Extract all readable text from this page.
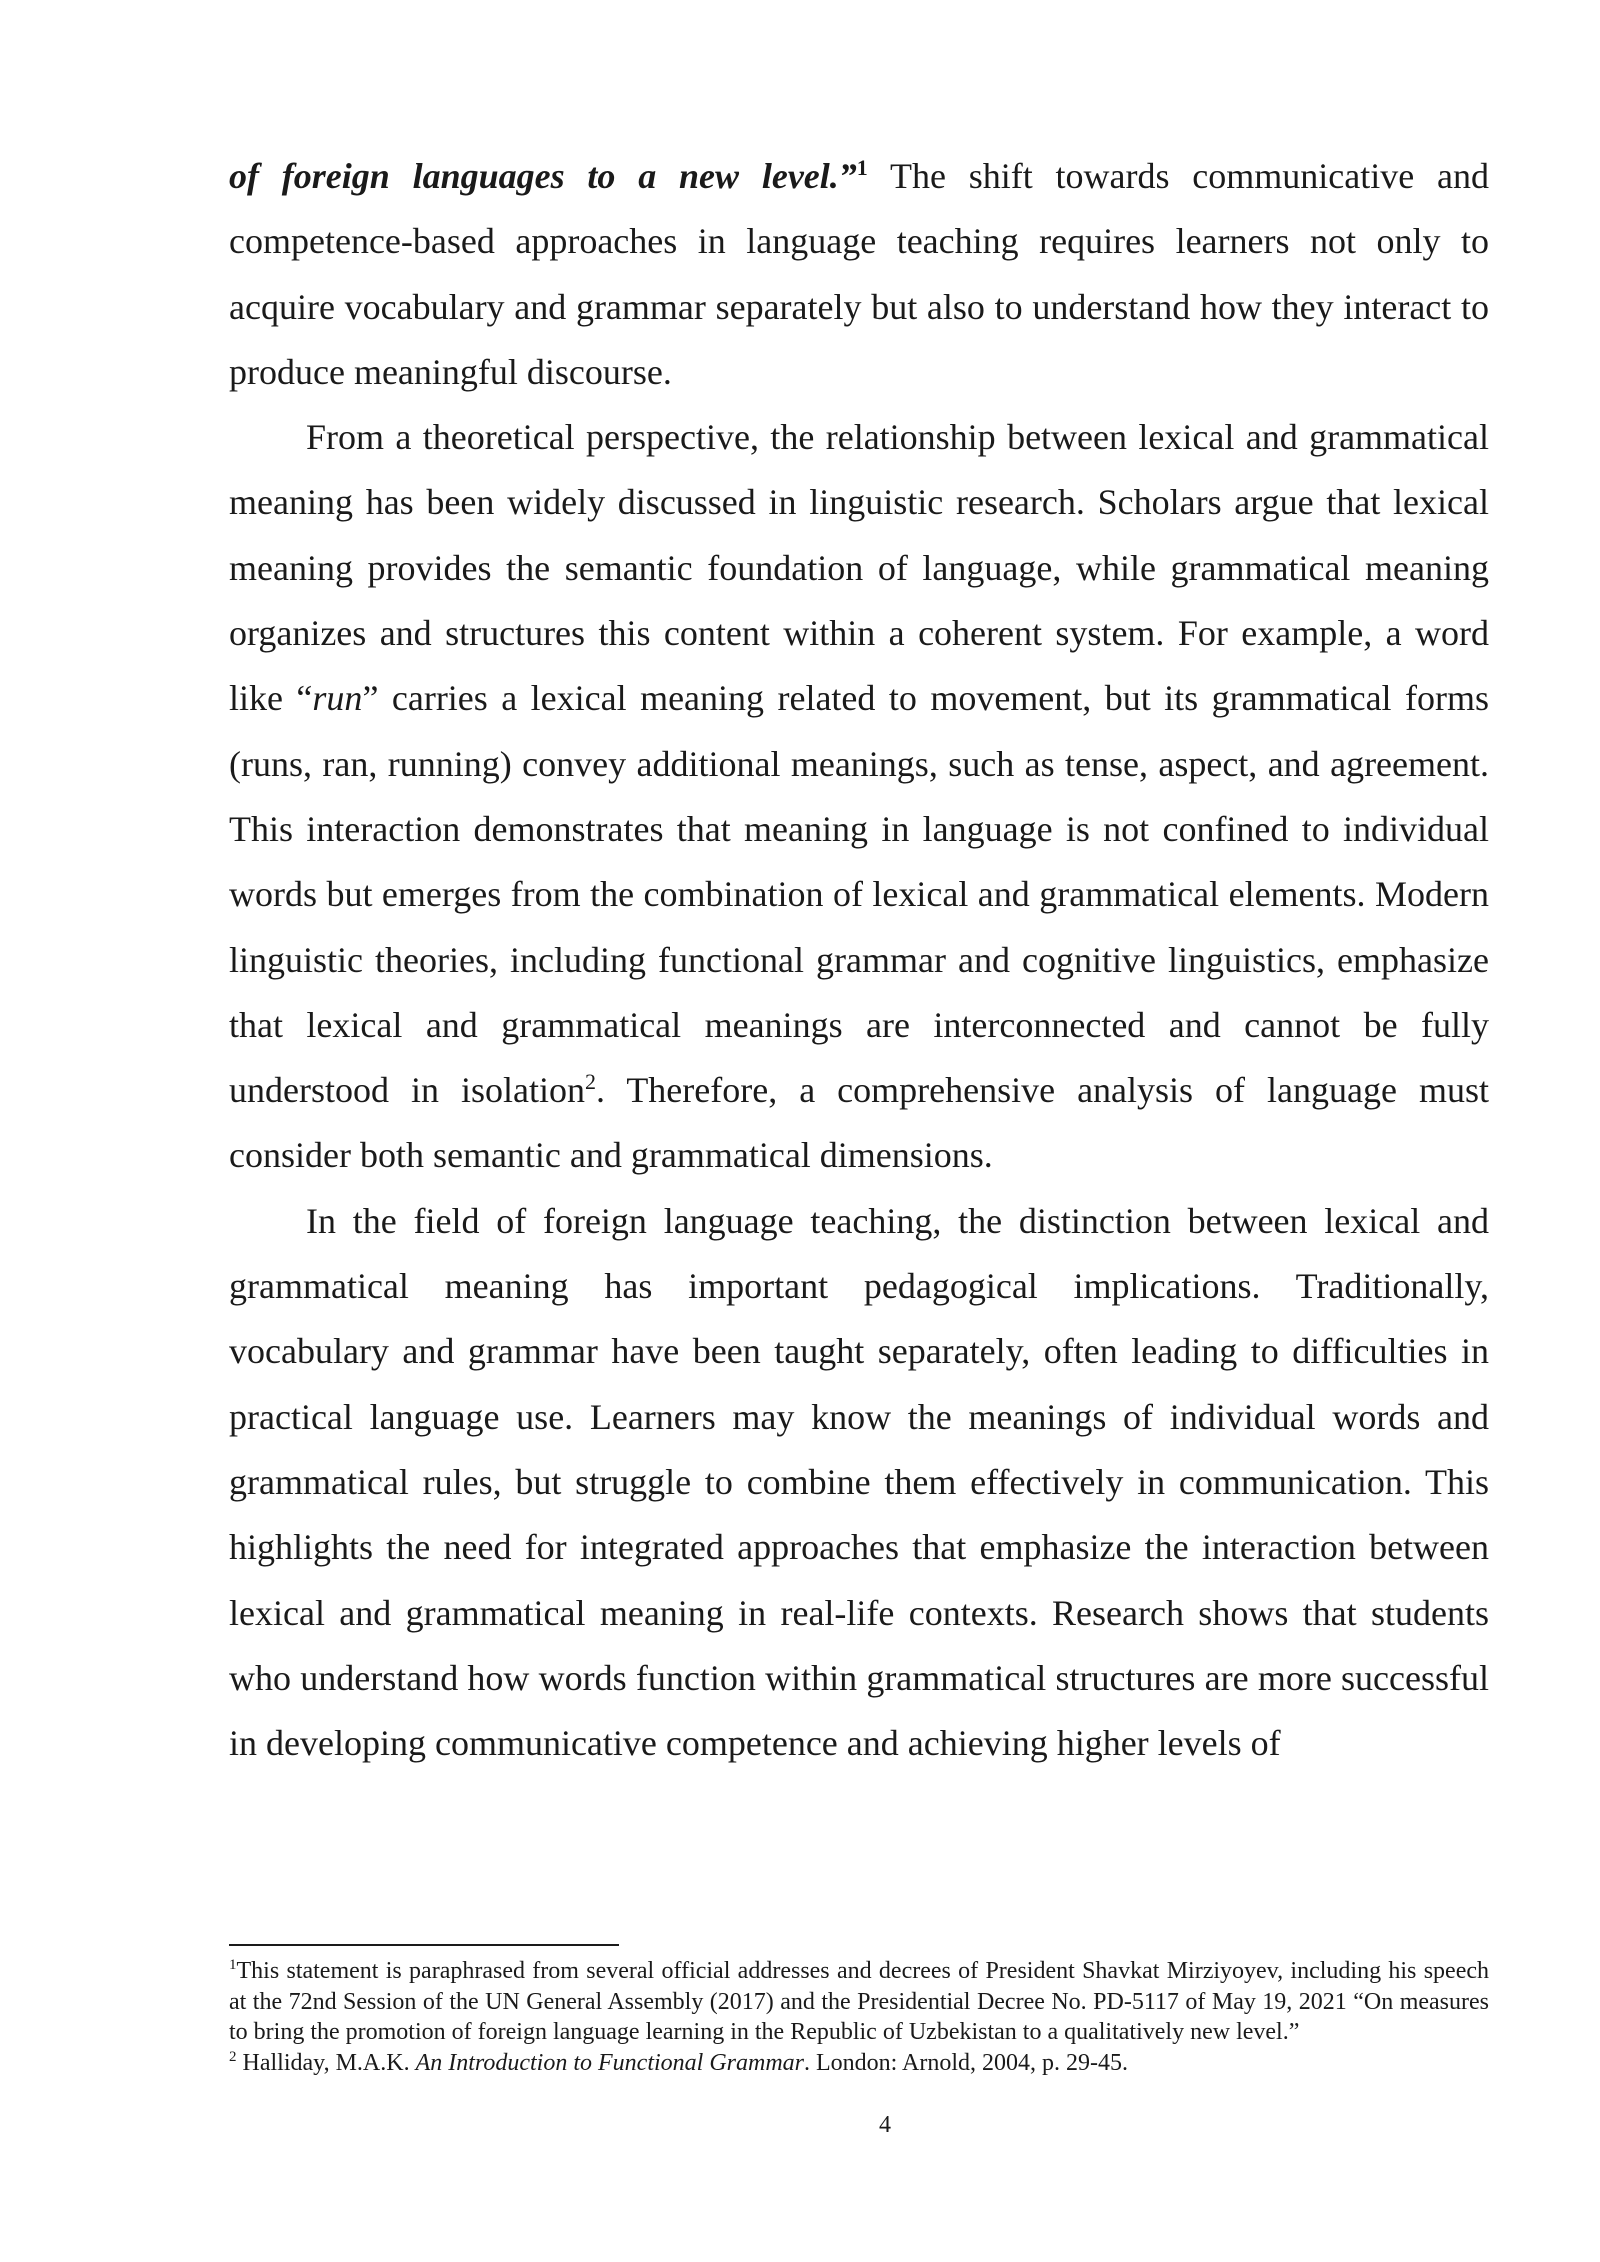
of foreign languages to a new level.”$^1$ The shift towards communicative and competence-based approaches in language teaching requires learners not only to acquire vocabulary and grammar separately but also to understand how they interact to produce meaningful discourse.

From a theoretical perspective, the relationship between lexical and grammatical meaning has been widely discussed in linguistic research. Scholars argue that lexical meaning provides the semantic foundation of language, while grammatical meaning organizes and structures this content within a coherent system. For example, a word like “run” carries a lexical meaning related to movement, but its grammatical forms (runs, ran, running) convey additional meanings, such as tense, aspect, and agreement. This interaction demonstrates that meaning in language is not confined to individual words but emerges from the combination of lexical and grammatical elements. Modern linguistic theories, including functional grammar and cognitive linguistics, emphasize that lexical and grammatical meanings are interconnected and cannot be fully understood in isolation$^2$. Therefore, a comprehensive analysis of language must consider both semantic and grammatical dimensions.

In the field of foreign language teaching, the distinction between lexical and grammatical meaning has important pedagogical implications. Traditionally, vocabulary and grammar have been taught separately, often leading to difficulties in practical language use. Learners may know the meanings of individual words and grammatical rules, but struggle to combine them effectively in communication. This highlights the need for integrated approaches that emphasize the interaction between lexical and grammatical meaning in real-life contexts. Research shows that students who understand how words function within grammatical structures are more successful in developing communicative competence and achieving higher levels of

$^1$This statement is paraphrased from several official addresses and decrees of President Shavkat Mirziyoyev, including his speech at the 72nd Session of the UN General Assembly (2017) and the Presidential Decree No. PD-5117 of May 19, 2021 “On measures to bring the promotion of foreign language learning in the Republic of Uzbekistan to a qualitatively new level.”

$^2$ Halliday, M.A.K. An Introduction to Functional Grammar. London: Arnold, 2004, p. 29-45.

4
